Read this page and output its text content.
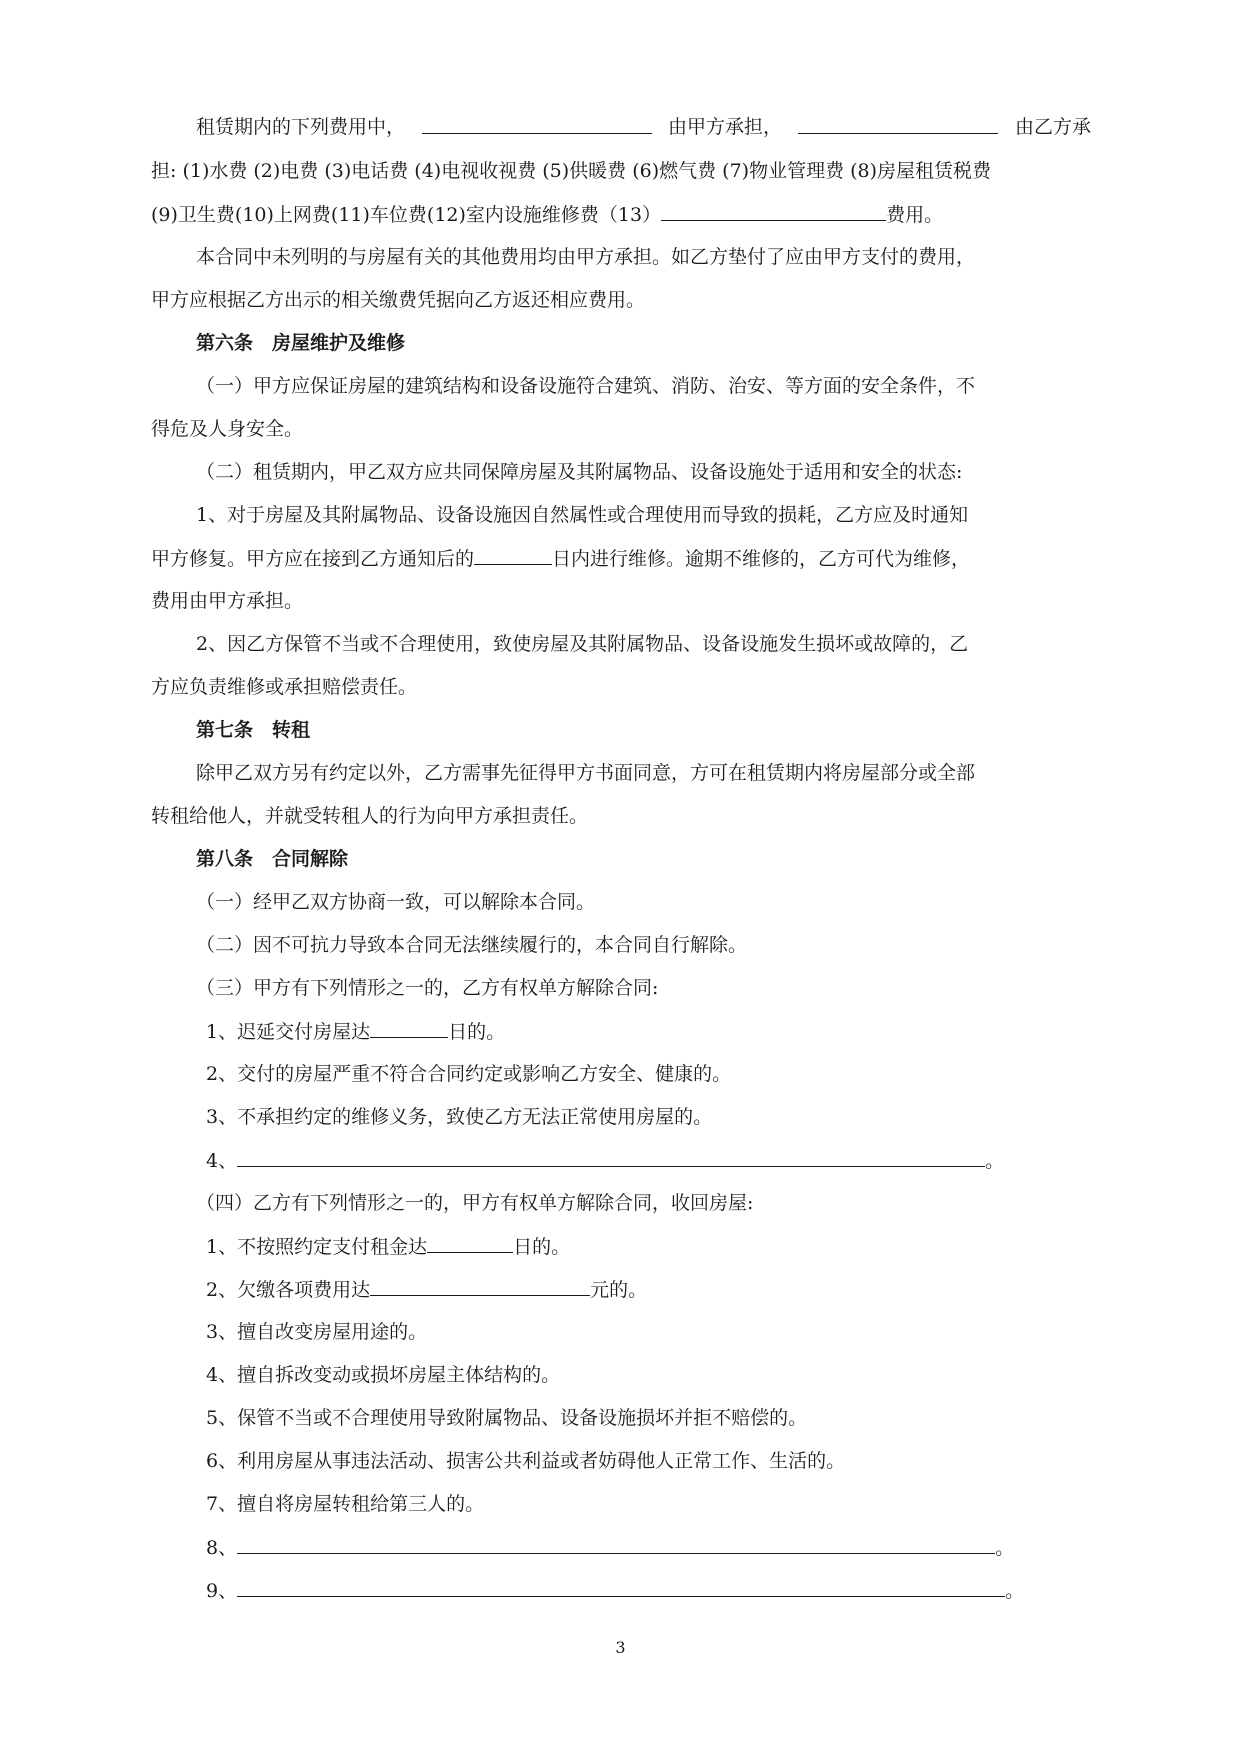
租赁期内的下列费用中，	由甲方承担，	由乙方承
担: (1)水费 (2)电费 (3)电话费 (4)电视收视费 (5)供暖费 (6)燃气费 (7)物业管理费 (8)房屋租赁税费
(9)卫生费(10)上网费(11)车位费(12)室内设施维修费（13）	费用。
本合同中未列明的与房屋有关的其他费用均由甲方承担。如乙方垫付了应由甲方支付的费用，
甲方应根据乙方出示的相关缴费凭据向乙方返还相应费用。
第六条　房屋维护及维修
（一）甲方应保证房屋的建筑结构和设备设施符合建筑、消防、治安、等方面的安全条件，不
得危及人身安全。
（二）租赁期内，甲乙双方应共同保障房屋及其附属物品、设备设施处于适用和安全的状态:
1、对于房屋及其附属物品、设备设施因自然属性或合理使用而导致的损耗，乙方应及时通知
甲方修复。甲方应在接到乙方通知后的	日内进行维修。逾期不维修的，乙方可代为维修，
费用由甲方承担。
2、因乙方保管不当或不合理使用，致使房屋及其附属物品、设备设施发生损坏或故障的，乙
方应负责维修或承担赔偿责任。
第七条　转租
除甲乙双方另有约定以外，乙方需事先征得甲方书面同意，方可在租赁期内将房屋部分或全部
转租给他人，并就受转租人的行为向甲方承担责任。
第八条　合同解除
（一）经甲乙双方协商一致，可以解除本合同。
（二）因不可抗力导致本合同无法继续履行的，本合同自行解除。
（三）甲方有下列情形之一的，乙方有权单方解除合同:
1、迟延交付房屋达	日的。
2、交付的房屋严重不符合合同约定或影响乙方安全、健康的。
3、不承担约定的维修义务，致使乙方无法正常使用房屋的。
4、	。
（四）乙方有下列情形之一的，甲方有权单方解除合同，收回房屋:
1、不按照约定支付租金达	日的。
2、欠缴各项费用达	元的。
3、擅自改变房屋用途的。
4、擅自拆改变动或损坏房屋主体结构的。
5、保管不当或不合理使用导致附属物品、设备设施损坏并拒不赔偿的。
6、利用房屋从事违法活动、损害公共利益或者妨碍他人正常工作、生活的。
7、擅自将房屋转租给第三人的。
8、	。
9、	。
3
